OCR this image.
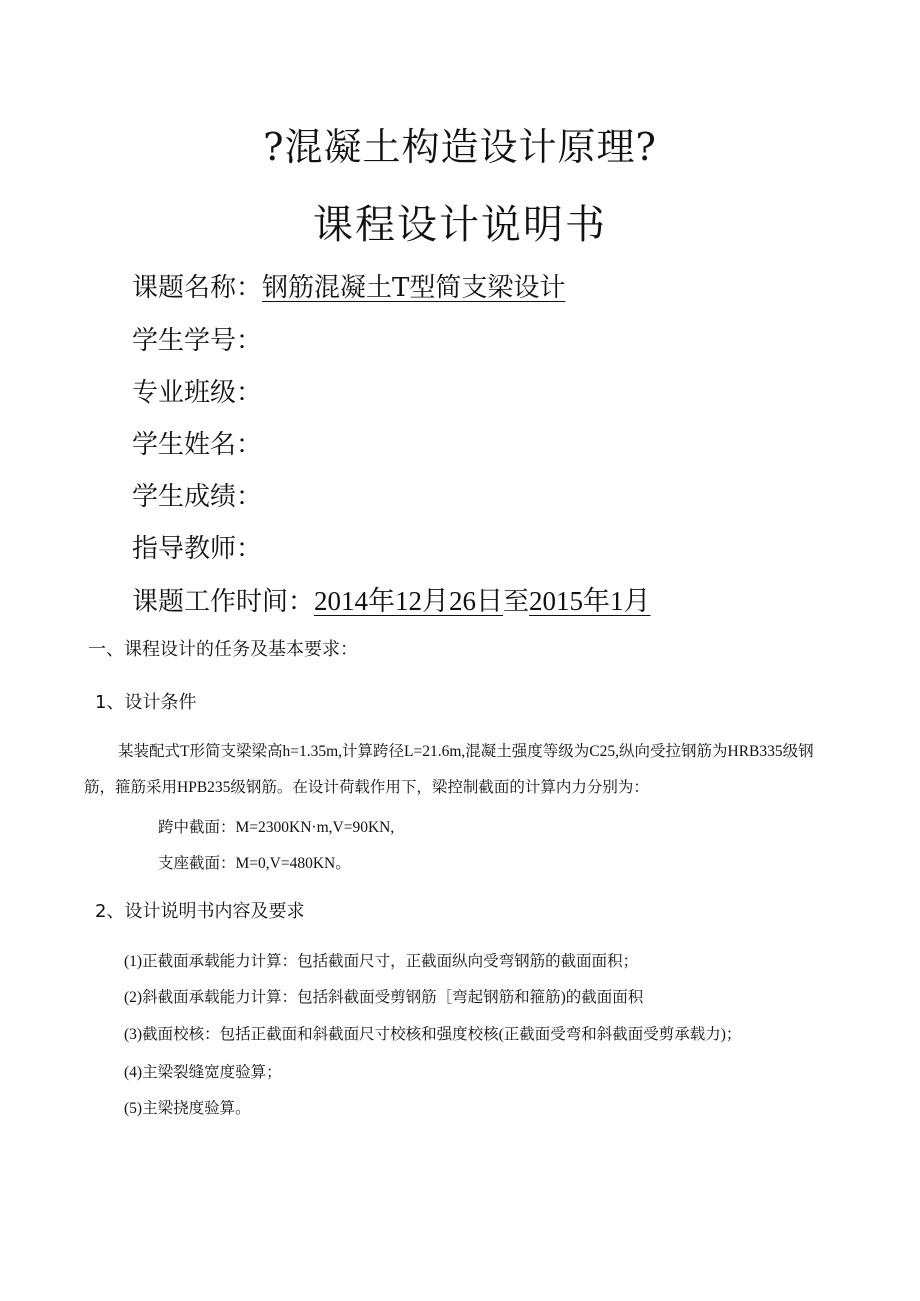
?混凝土构造设计原理?
课程设计说明书
课题名称：钢筋混凝土T型简支梁设计
学生学号：
专业班级：
学生姓名：
学生成绩：
指导教师：
课题工作时间：2014年12月26日至2015年1月
一、课程设计的任务及基本要求：
1、设计条件
某装配式T形简支梁梁高h=1.35m,计算跨径L=21.6m,混凝土强度等级为C25,纵向受拉钢筋为HRB335级钢筋，箍筋采用HPB235级钢筋。在设计荷载作用下，梁控制截面的计算内力分别为：
跨中截面：M=2300KN·m,V=90KN,
支座截面：M=0,V=480KN。
2、设计说明书内容及要求
(1)正截面承载能力计算：包括截面尺寸，正截面纵向受弯钢筋的截面面积；
(2)斜截面承载能力计算：包括斜截面受剪钢筋［弯起钢筋和箍筋)的截面面积
(3)截面校核：包括正截面和斜截面尺寸校核和强度校核(正截面受弯和斜截面受剪承载力)；
(4)主梁裂缝宽度验算；
(5)主梁挠度验算。
